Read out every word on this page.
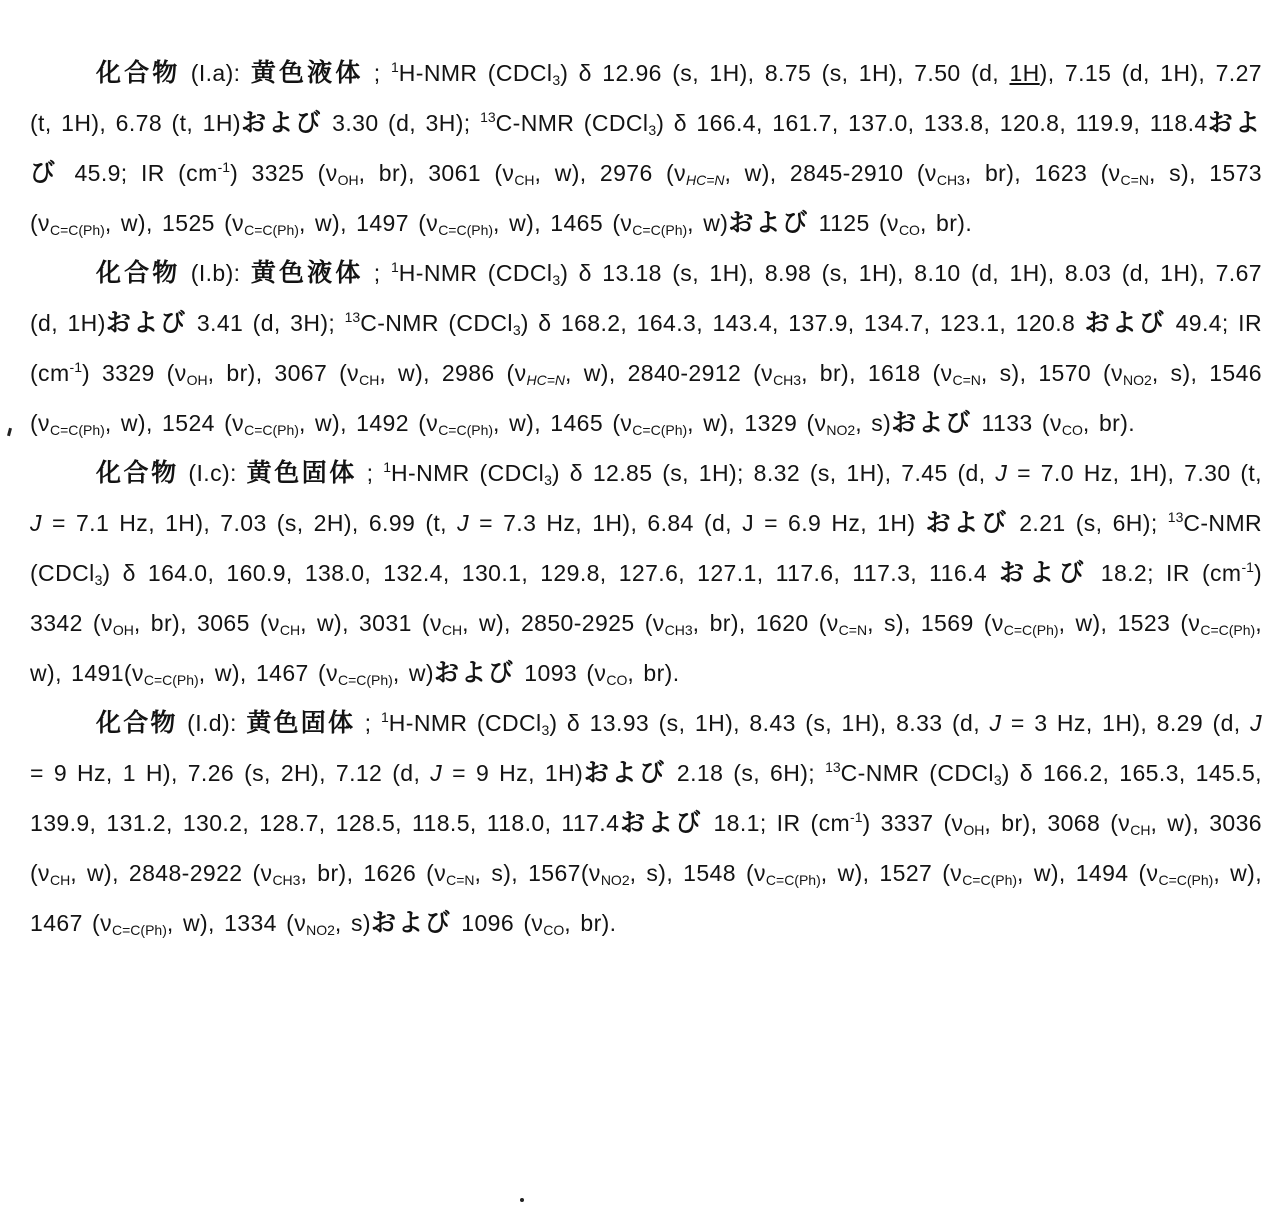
化合物 (I.a): 黄色液体 ; $^1$H-NMR (CDCl$_3$) δ 12.96 (s, 1H), 8.75 (s, 1H), 7.50 (d, 1H), 7.15 (d, 1H), 7.27 (t, 1H), 6.78 (t, 1H)および 3.30 (d, 3H); $^{13}$C-NMR (CDCl$_3$) δ 166.4, 161.7, 137.0, 133.8, 120.8, 119.9, 118.4および 45.9; IR $(cm^{-1})$ 3325 ($\nu_{OH}$, br), 3061 ($\nu_{CH}$, w), 2976 ($\nu_{HC=N}$, w), 2845-2910 ($\nu_{CH3}$, br), 1623 ($\nu_{C=N}$, s), 1573 ($\nu_{C=C(Ph)}$, w), 1525 ($\nu_{C=C(Ph)}$, w), 1497 ($\nu_{C=C(Ph)}$, w), 1465 ($\nu_{C=C(Ph)}$, w)および 1125 ($\nu_{CO}$, br).

化合物 (I.b): 黄色液体 ; $^1$H-NMR (CDCl$_3$) δ 13.18 (s, 1H), 8.98 (s, 1H), 8.10 (d, 1H), 8.03 (d, 1H), 7.67 (d, 1H)および 3.41 (d, 3H); $^{13}$C-NMR (CDCl$_3$) δ 168.2, 164.3, 143.4, 137.9, 134.7, 123.1, 120.8 および 49.4; IR $(cm^{-1})$ 3329 ($\nu_{OH}$, br), 3067 ($\nu_{CH}$, w), 2986 ($\nu_{HC=N}$, w), 2840-2912 ($\nu_{CH3}$, br), 1618 ($\nu_{C=N}$, s), 1570 ($\nu_{NO2}$, s), 1546 ($\nu_{C=C(Ph)}$, w), 1524 ($\nu_{C=C(Ph)}$, w), 1492 ($\nu_{C=C(Ph)}$, w), 1465 ($\nu_{C=C(Ph)}$, w), 1329 ($\nu_{NO2}$, s)および 1133 ($\nu_{CO}$, br).

化合物 (I.c): 黄色固体 ; $^1$H-NMR (CDCl$_3$) δ 12.85 (s, 1H); 8.32 (s, 1H), 7.45 (d, J = 7.0 Hz, 1H), 7.30 (t, J = 7.1 Hz, 1H), 7.03 (s, 2H), 6.99 (t, J = 7.3 Hz, 1H), 6.84 (d, J = 6.9 Hz, 1H) および 2.21 (s, 6H); $^{13}$C-NMR (CDCl$_3$) δ 164.0, 160.9, 138.0, 132.4, 130.1, 129.8, 127.6, 127.1, 117.6, 117.3, 116.4 および 18.2; IR $(cm^{-1})$ 3342 ($\nu_{OH}$, br), 3065 ($\nu_{CH}$, w), 3031 ($\nu_{CH}$, w), 2850-2925 ($\nu_{CH3}$, br), 1620 ($\nu_{C=N}$, s), 1569 ($\nu_{C=C(Ph)}$, w), 1523 ($\nu_{C=C(Ph)}$, w), $1491(\nu_{C=C(Ph)}$, w), 1467 ($\nu_{C=C(Ph)}$, w)および 1093 ($\nu_{CO}$, br).

化合物 (I.d): 黄色固体 ; $^1$H-NMR (CDCl$_3$) δ 13.93 (s, 1H), 8.43 (s, 1H), 8.33 (d, J = 3 Hz, 1H), 8.29 (d, J = 9 Hz, 1 H), 7.26 (s, 2H), 7.12 (d, J = 9 Hz, 1H)および 2.18 (s, 6H); $^{13}$C-NMR (CDCl$_3$) δ 166.2, 165.3, 145.5, 139.9, 131.2, 130.2, 128.7, 128.5, 118.5, 118.0, 117.4および 18.1; IR $(cm^{-1})$ 3337 ($\nu_{OH}$, br), 3068 ($\nu_{CH}$, w), 3036 ($\nu_{CH}$, w), 2848-2922 ($\nu_{CH3}$, br), 1626 ($\nu_{C=N}$, s), $1567(\nu_{NO2}$, s), 1548 ($\nu_{C=C(Ph)}$, w), 1527 ($\nu_{C=C(Ph)}$, w), 1494 ($\nu_{C=C(Ph)}$, w), 1467 ($\nu_{C=C(Ph)}$, w), 1334 ($\nu_{NO2}$, s)および 1096 ($\nu_{CO}$, br).
